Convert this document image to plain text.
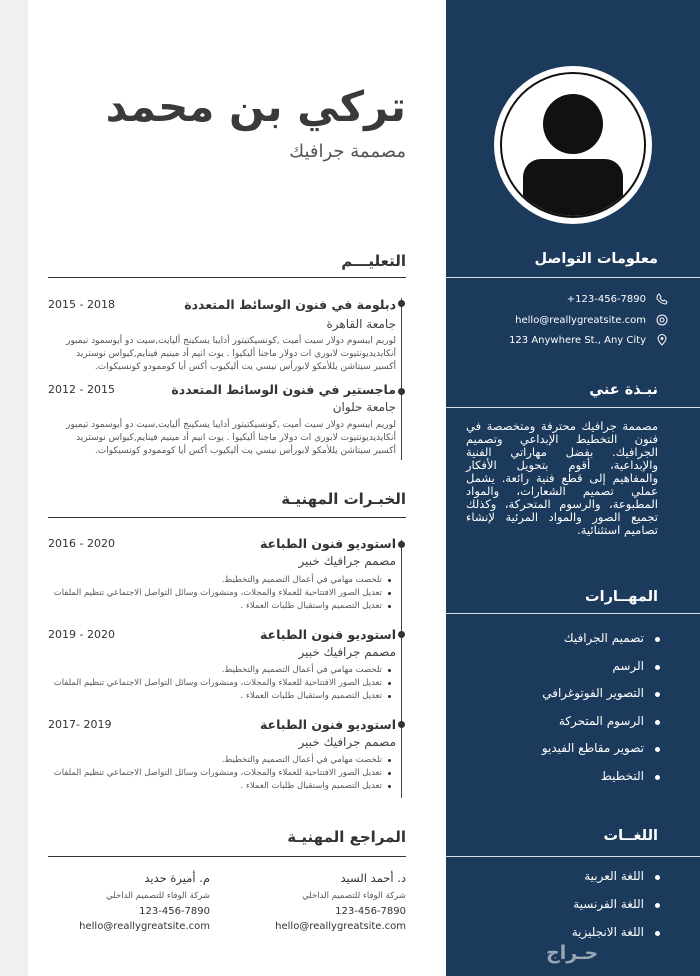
تركي بن محمد
مصممة جرافيك
التعليـــم
دبلومة في فنون الوسائط المتعددة
2015 - 2018
جامعة القاهرة
لوريم ايبسوم دولار سيت أميت ,كونسيكتيتور أدايبا يسكينج أليايت,سيت دو أيوسمود تيمبور أنكايديديونتيوت لابوري ات دولار ماجنا أليكيوا . يوت انيم أد مينيم فينايم,كيواس نوستريد أكسير سيتاشن يللأمكو لابورأس نيسي يت أليكيوب أكس أيا كوممودو كونسيكوات.
ماجستير في فنون الوسائط المتعددة
2012 - 2015
جامعة حلوان
لوريم ايبسوم دولار سيت أميت ,كونسيكتيتور أدايبا يسكينج أليايت,سيت دو أيوسمود تيمبور أنكايديديونتيوت لابوري ات دولار ماجنا أليكيوا . يوت انيم أد مينيم فينايم,كيواس نوستريد أكسير سيتاشن يللأمكو لابورأس نيسي يت أليكيوب أكس أيا كوممودو كونسيكوات.
الخبـرات المهنيـة
استوديو فنون الطباعة
2016 - 2020
مصمم جرافيك خبير
تلخصت مهامي في أعمال التصميم والتخطيط.
تعديل الصور الافتتاحية للعملاء والمجلات، ومنشورات وسائل التواصل الاجتماعي تنظيم الملفات
تعديل التصميم واستقبال طلبات العملاء .
استوديو فنون الطباعة
2019 - 2020
مصمم جرافيك خبير
تلخصت مهامي في أعمال التصميم والتخطيط.
تعديل الصور الافتتاحية للعملاء والمجلات، ومنشورات وسائل التواصل الاجتماعي تنظيم الملفات
تعديل التصميم واستقبال طلبات العملاء .
استوديو فنون الطباعة
2017- 2019
مصمم جرافيك خبير
تلخصت مهامي في أعمال التصميم والتخطيط.
تعديل الصور الافتتاحية للعملاء والمجلات، ومنشورات وسائل التواصل الاجتماعي تنظيم الملفات
تعديل التصميم واستقبال طلبات العملاء .
المراجع المهنيـة
د. أحمد السيد
شركة الوفاء للتصميم الداخلي
123-456-7890
hello@reallygreatsite.com
م. أميرة حديد
شركة الوفاء للتصميم الداخلي
123-456-7890
hello@reallygreatsite.com
معلومات التواصل
+123-456-7890
hello@reallygreatsite.com
123 Anywhere St., Any City
نبـذة عني
مصممة جرافيك محترفة ومتخصصة في فنون التخطيط الإبداعي وتصميم الجرافيك. بفضل مهاراتي الفنية والإبداعية، أقوم بتحويل الأفكار والمفاهيم إلى قطع فنية رائعة. يشمل عملي تصميم الشعارات، والمواد المطبوعة، والرسوم المتحركة، وكذلك تجميع الصور والمواد المرئية لإنشاء تصاميم استثنائية.
المهــارات
تصميم الجرافيك
الرسم
التصوير الفوتوغرافي
الرسوم المتحركة
تصوير مقاطع الفيديو
التخطيط
اللغــات
اللغة العربية
اللغة الفرنسية
اللغة الانجليزية
حـراج
